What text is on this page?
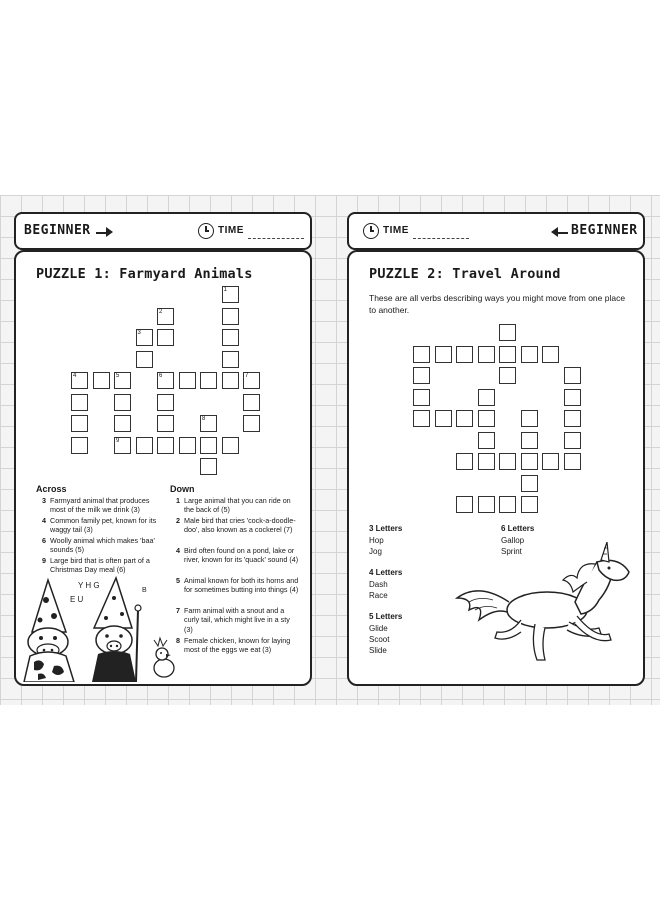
BEGINNER	TIME
PUZZLE 1: Farmyard Animals
1
2
3
4	5	6	7
8
9
Across	Down
3 Farmyard animal that produces most of the milk we drink (3)
4 Common family pet, known for its waggy tail (3)
6 Woolly animal which makes 'baa' sounds (5)
9 Large bird that is often part of a Christmas Day meal (6)
1 Large animal that you can ride on the back of (5)
2 Male bird that cries 'cock-a-doodle-doo', also known as a cockerel (7)
4 Bird often found on a pond, lake or river, known for its 'quack' sound (4)
5 Animal known for both its horns and for sometimes butting into things (4)
7 Farm animal with a snout and a curly tail, which might live in a sty (3)
8 Female chicken, known for laying most of the eggs we eat (3)
Y H G
E U
B
TIME	BEGINNER
PUZZLE 2: Travel Around
These are all verbs describing ways you might move from one place to another.
3 Letters
Hop
Jog
4 Letters
Dash
Race
5 Letters
Glide
Scoot
Slide
6 Letters
Gallop
Sprint
